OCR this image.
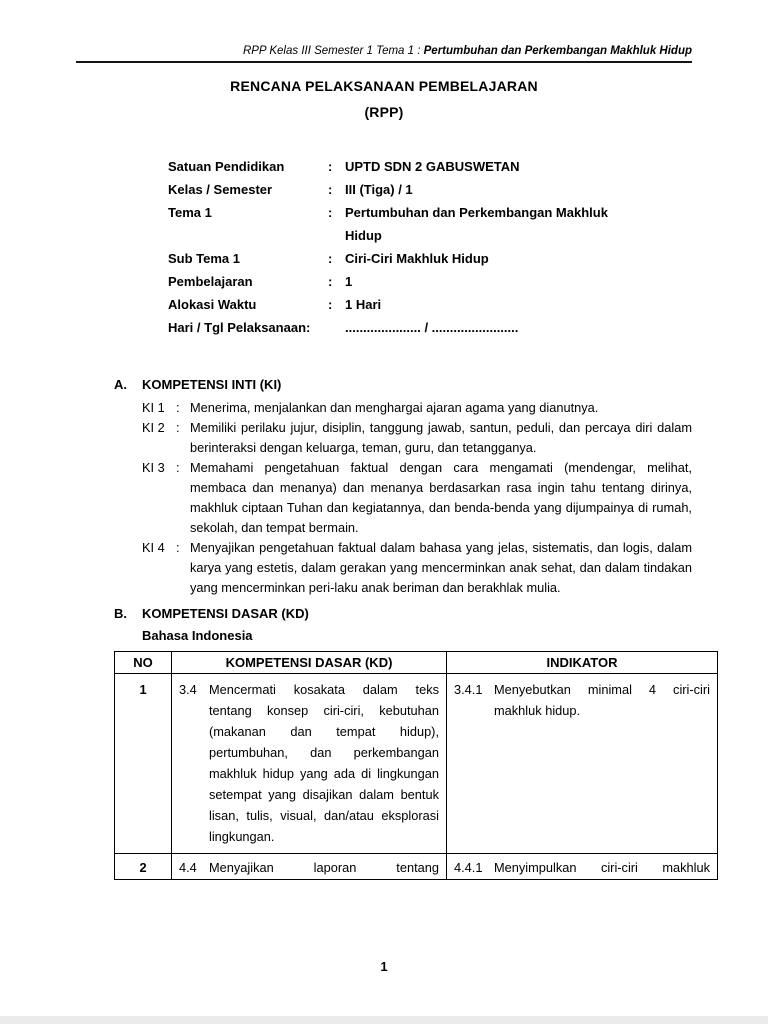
RPP Kelas III Semester 1 Tema 1 : Pertumbuhan dan Perkembangan Makhluk Hidup
RENCANA PELAKSANAAN PEMBELAJARAN
(RPP)
Satuan Pendidikan	: UPTD SDN 2 GABUSWETAN
Kelas / Semester	: III (Tiga) / 1
Tema 1	: Pertumbuhan dan Perkembangan Makhluk Hidup
Sub Tema 1	: Ciri-Ciri Makhluk Hidup
Pembelajaran	: 1
Alokasi Waktu	: 1 Hari
Hari / Tgl Pelaksanaan:	..................... / ........................
A.	KOMPETENSI INTI (KI)
KI 1 : Menerima, menjalankan dan menghargai ajaran agama yang dianutnya.

KI 2 : Memiliki perilaku jujur, disiplin, tanggung jawab, santun, peduli, dan percaya diri dalam berinteraksi dengan keluarga, teman, guru, dan tetangganya.

KI 3 : Memahami pengetahuan faktual dengan cara mengamati (mendengar, melihat, membaca dan menanya) dan menanya berdasarkan rasa ingin tahu tentang dirinya, makhluk ciptaan Tuhan dan kegiatannya, dan benda-benda yang dijumpainya di rumah, sekolah, dan tempat bermain.

KI 4 : Menyajikan pengetahuan faktual dalam bahasa yang jelas, sistematis, dan logis, dalam karya yang estetis, dalam gerakan yang mencerminkan anak sehat, dan dalam tindakan yang mencerminkan peri-laku anak beriman dan berakhlak mulia.

B.	KOMPETENSI DASAR (KD)
Bahasa Indonesia
NO	KOMPETENSI DASAR (KD)	INDIKATOR
1	3.4 Mencermati kosakata dalam teks tentang konsep ciri-ciri, kebutuhan (makanan dan tempat hidup), pertumbuhan, dan perkembangan makhluk hidup yang ada di lingkungan setempat yang disajikan dalam bentuk lisan, tulis, visual, dan/atau eksplorasi lingkungan.	3.4.1 Menyebutkan minimal 4 ciri-ciri makhluk hidup.

2	4.4 Menyajikan laporan tentang	4.4.1 Menyimpulkan ciri-ciri makhluk

1
